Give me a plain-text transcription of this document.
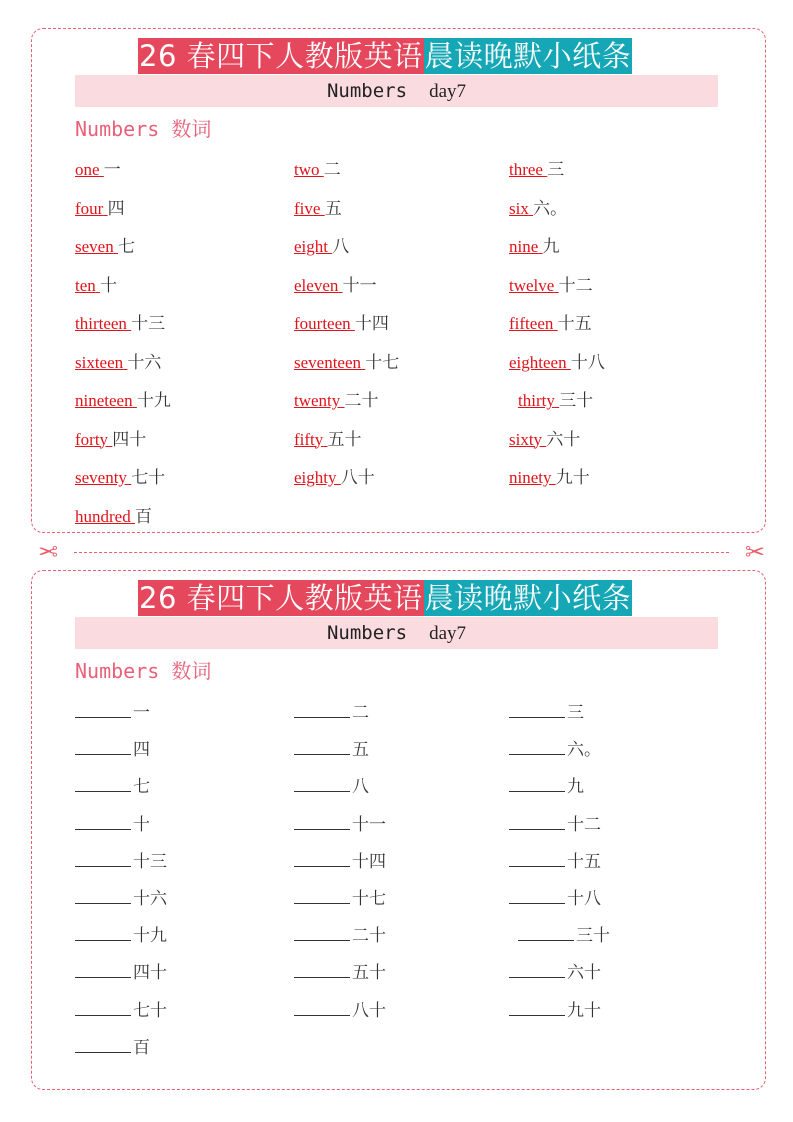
26 春四下人教版英语 晨读晚默小纸条
Numbers day7
Numbers 数词
one 一	two 二	three 三
four 四	five 五	six 六。
seven 七	eight 八	nine 九
ten 十	eleven 十一	twelve 十二
thirteen 十三	fourteen 十四	fifteen 十五
sixteen 十六	seventeen 十七	eighteen 十八
nineteen 十九	twenty 二十	thirty 三十
forty 四十	fifty 五十	sixty 六十
seventy 七十	eighty 八十	ninety 九十
hundred 百
✂	✂
26 春四下人教版英语 晨读晚默小纸条
Numbers day7
Numbers 数词
一	二	三
四	五	六。
七	八	九
十	十一	十二
十三	十四	十五
十六	十七	十八
十九	二十	三十
四十	五十	六十
七十	八十	九十
百
